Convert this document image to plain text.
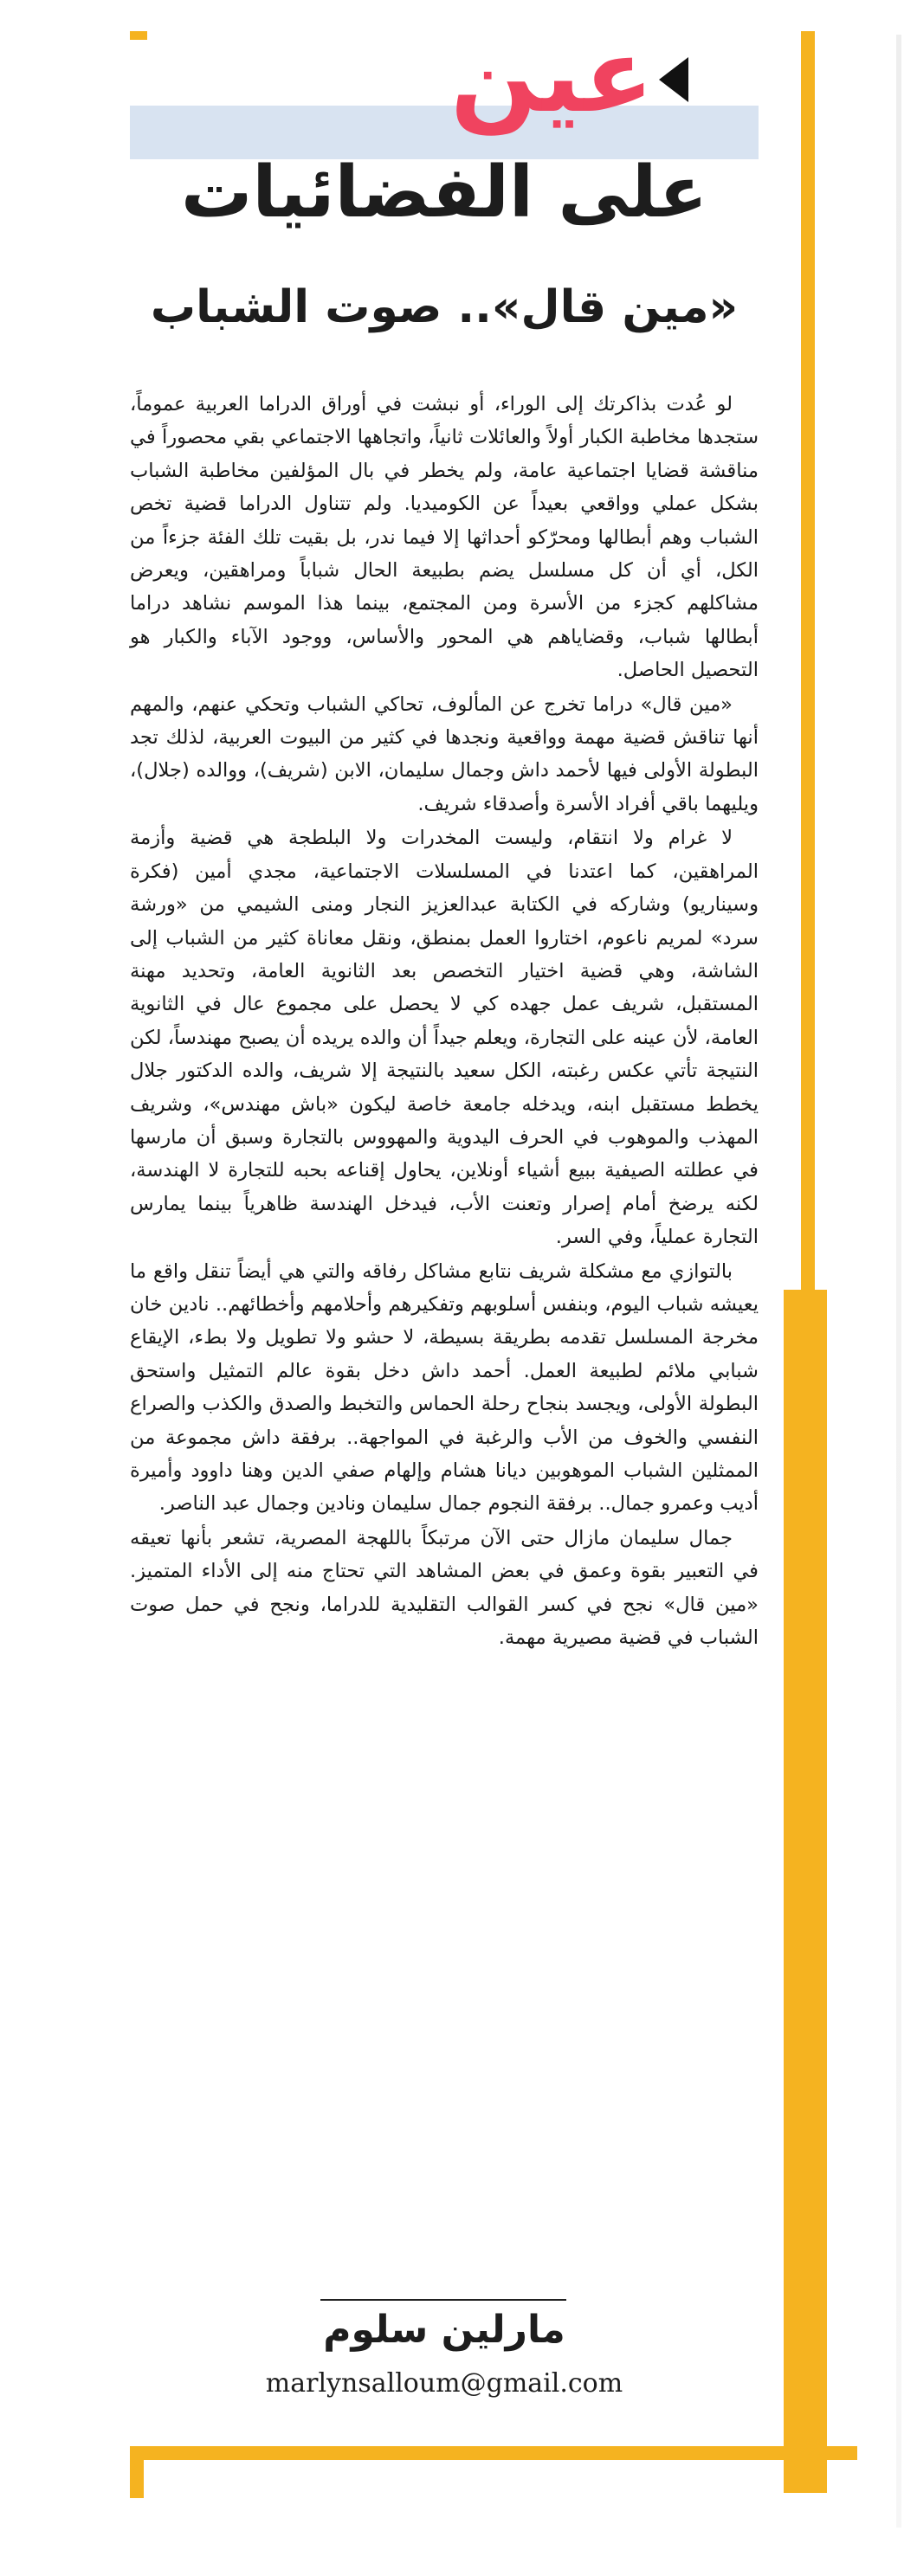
عين
على الفضائيات
«مين قال».. صوت الشباب

لو عُدت بذاكرتك إلى الوراء، أو نبشت في أوراق الدراما العربية عموماً، ستجدها مخاطبة الكبار أولاً والعائلات ثانياً، واتجاهها الاجتماعي بقي محصوراً في مناقشة قضايا اجتماعية عامة، ولم يخطر في بال المؤلفين مخاطبة الشباب بشكل عملي وواقعي بعيداً عن الكوميديا. ولم تتناول الدراما قضية تخص الشباب وهم أبطالها ومحرّكو أحداثها إلا فيما ندر، بل بقيت تلك الفئة جزءاً من الكل، أي أن كل مسلسل يضم بطبيعة الحال شباباً ومراهقين، ويعرض مشاكلهم كجزء من الأسرة ومن المجتمع، بينما هذا الموسم نشاهد دراما أبطالها شباب، وقضاياهم هي المحور والأساس، ووجود الآباء والكبار هو التحصيل الحاصل.

«مين قال» دراما تخرج عن المألوف، تحاكي الشباب وتحكي عنهم، والمهم أنها تناقش قضية مهمة وواقعية ونجدها في كثير من البيوت العربية، لذلك تجد البطولة الأولى فيها لأحمد داش وجمال سليمان، الابن (شريف)، ووالده (جلال)، ويليهما باقي أفراد الأسرة وأصدقاء شريف.

لا غرام ولا انتقام، وليست المخدرات ولا البلطجة هي قضية وأزمة المراهقين، كما اعتدنا في المسلسلات الاجتماعية، مجدي أمين (فكرة وسيناريو) وشاركه في الكتابة عبدالعزيز النجار ومنى الشيمي من «ورشة سرد» لمريم ناعوم، اختاروا العمل بمنطق، ونقل معاناة كثير من الشباب إلى الشاشة، وهي قضية اختيار التخصص بعد الثانوية العامة، وتحديد مهنة المستقبل، شريف عمل جهده كي لا يحصل على مجموع عال في الثانوية العامة، لأن عينه على التجارة، ويعلم جيداً أن والده يريده أن يصبح مهندساً، لكن النتيجة تأتي عكس رغبته، الكل سعيد بالنتيجة إلا شريف، والده الدكتور جلال يخطط مستقبل ابنه، ويدخله جامعة خاصة ليكون «باش مهندس»، وشريف المهذب والموهوب في الحرف اليدوية والمهووس بالتجارة وسبق أن مارسها في عطلته الصيفية ببيع أشياء أونلاين، يحاول إقناعه بحبه للتجارة لا الهندسة، لكنه يرضخ أمام إصرار وتعنت الأب، فيدخل الهندسة ظاهرياً بينما يمارس التجارة عملياً، وفي السر.

بالتوازي مع مشكلة شريف نتابع مشاكل رفاقه والتي هي أيضاً تنقل واقع ما يعيشه شباب اليوم، وبنفس أسلوبهم وتفكيرهم وأحلامهم وأخطائهم.. نادين خان مخرجة المسلسل تقدمه بطريقة بسيطة، لا حشو ولا تطويل ولا بطء، الإيقاع شبابي ملائم لطبيعة العمل. أحمد داش دخل بقوة عالم التمثيل واستحق البطولة الأولى، ويجسد بنجاح رحلة الحماس والتخبط والصدق والكذب والصراع النفسي والخوف من الأب والرغبة في المواجهة.. برفقة داش مجموعة من الممثلين الشباب الموهوبين ديانا هشام وإلهام صفي الدين وهنا داوود وأميرة أديب وعمرو جمال.. برفقة النجوم جمال سليمان ونادين وجمال عبد الناصر.

جمال سليمان مازال حتى الآن مرتبكاً باللهجة المصرية، تشعر بأنها تعيقه في التعبير بقوة وعمق في بعض المشاهد التي تحتاج منه إلى الأداء المتميز. «مين قال» نجح في كسر القوالب التقليدية للدراما، ونجح في حمل صوت الشباب في قضية مصيرية مهمة.

مارلين سلوم
marlynsalloum@gmail.com
